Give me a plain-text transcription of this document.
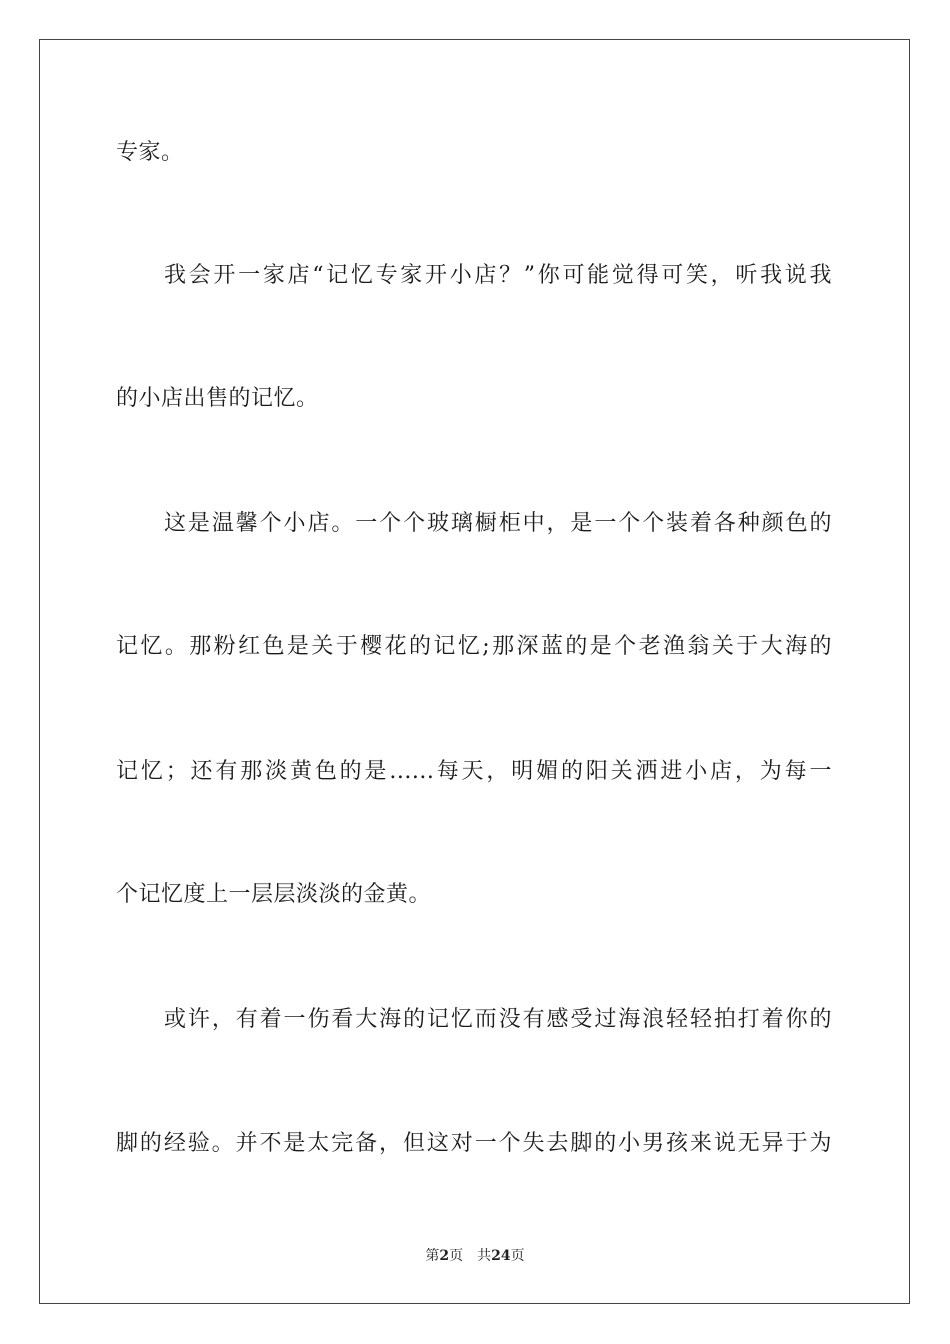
专家。
我会开一家店“记忆专家开小店？”你可能觉得可笑，听我说我
的小店出售的记忆。
这是温馨个小店。一个个玻璃橱柜中，是一个个装着各种颜色的
记忆。那粉红色是关于樱花的记忆;那深蓝的是个老渔翁关于大海的
记忆；还有那淡黄色的是......每天，明媚的阳关洒进小店，为每一
个记忆度上一层层淡淡的金黄。
或许，有着一伤看大海的记忆而没有感受过海浪轻轻拍打着你的
脚的经验。并不是太完备，但这对一个失去脚的小男孩来说无异于为
第2页 共24页
